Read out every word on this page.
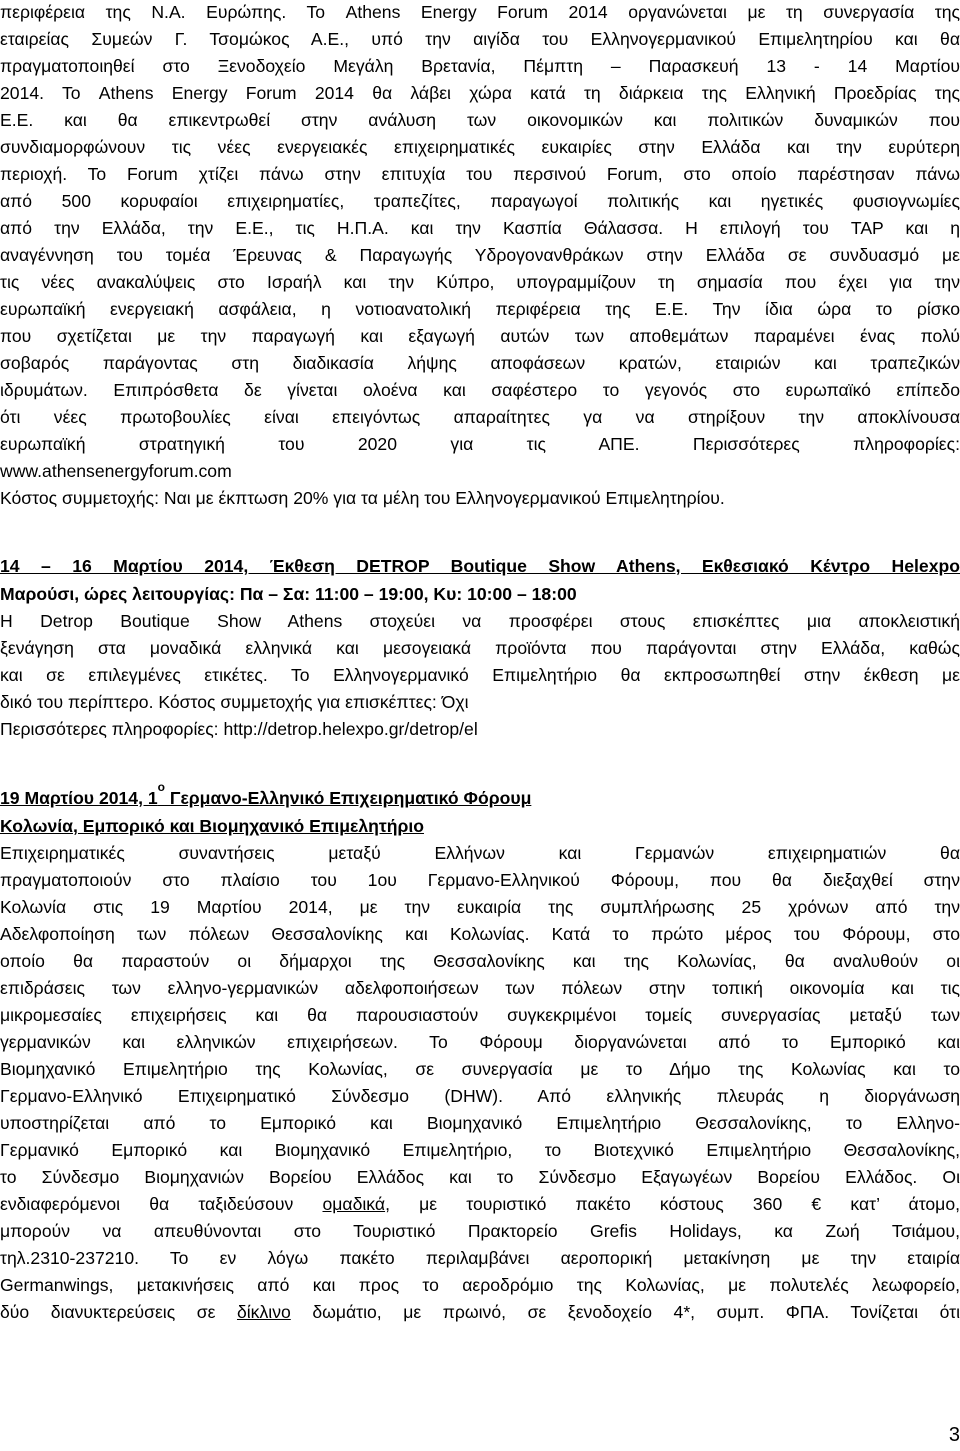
περιφέρεια της Ν.Α. Ευρώπης. Το Athens Energy Forum 2014 οργανώνεται με τη συνεργασία της
εταιρείας Συμεών Γ. Τσομώκος Α.Ε., υπό την αιγίδα του Ελληνογερμανικού Επιμελητηρίου και θα
πραγματοποιηθεί στο Ξενοδοχείο Μεγάλη Βρετανία, Πέμπτη – Παρασκευή 13 - 14 Μαρτίου
2014. Το Athens Energy Forum 2014 θα λάβει χώρα κατά τη διάρκεια της Ελληνική Προεδρίας της
Ε.Ε. και θα επικεντρωθεί στην ανάλυση των οικονομικών και πολιτικών δυναμικών που
συνδιαμορφώνουν τις νέες ενεργειακές επιχειρηματικές ευκαιρίες στην Ελλάδα και την ευρύτερη
περιοχή. Το Forum χτίζει πάνω στην επιτυχία του περσινού Forum, στο οποίο παρέστησαν πάνω
από 500 κορυφαίοι επιχειρηματίες, τραπεζίτες, παραγωγοί πολιτικής και ηγετικές φυσιογνωμίες
από την Ελλάδα, την Ε.Ε., τις Η.Π.Α. και την Κασπία Θάλασσα. Η επιλογή του TAP και η
αναγέννηση του τομέα Έρευνας & Παραγωγής Υδρογονανθράκων στην Ελλάδα σε συνδυασμό με
τις νέες ανακαλύψεις στο Ισραήλ και την Κύπρο, υπογραμμίζουν τη σημασία που έχει για την
ευρωπαϊκή ενεργειακή ασφάλεια, η νοτιοανατολική περιφέρεια της Ε.Ε. Την ίδια ώρα το ρίσκο
που σχετίζεται με την παραγωγή και εξαγωγή αυτών των αποθεμάτων παραμένει ένας πολύ
σοβαρός παράγοντας στη διαδικασία λήψης αποφάσεων κρατών, εταιριών και τραπεζικών
ιδρυμάτων. Επιπρόσθετα δε γίνεται ολοένα και σαφέστερο το γεγονός στο ευρωπαϊκό επίπεδο
ότι νέες πρωτοβουλίες είναι επειγόντως απαραίτητες γα να στηρίξουν την αποκλίνουσα
ευρωπαϊκή στρατηγική του 2020 για τις ΑΠΕ. Περισσότερες πληροφορίες:
www.athensenergyforum.com
Κόστος συμμετοχής: Ναι με έκπτωση 20% για τα μέλη του Ελληνογερμανικού Επιμελητηρίου.
14 – 16 Μαρτίου 2014, Έκθεση DETROP Boutique Show Athens, Εκθεσιακό Κέντρο Helexpo
Μαρούσι, ώρες λειτουργίας: Πα – Σα: 11:00 – 19:00, Κυ: 10:00 – 18:00
Η Detrop Boutique Show Athens στοχεύει να προσφέρει στους επισκέπτες μια αποκλειστική
ξενάγηση στα μοναδικά ελληνικά και μεσογειακά προϊόντα που παράγονται στην Ελλάδα, καθώς
και σε επιλεγμένες ετικέτες. Το Ελληνογερμανικό Επιμελητήριο θα εκπροσωπηθεί στην έκθεση με
δικό του περίπτερο. Κόστος συμμετοχής για επισκέπτες: Όχι
Περισσότερες πληροφορίες: http://detrop.helexpo.gr/detrop/el
19 Μαρτίου 2014, $1^o$ Γερμανο-Ελληνικό Επιχειρηματικό Φόρουμ
Κολωνία, Εμπορικό και Βιομηχανικό Επιμελητήριο
Επιχειρηματικές συναντήσεις μεταξύ Ελλήνων και Γερμανών επιχειρηματιών θα
πραγματοποιούν στο πλαίσιο του 1ου Γερμανο-Ελληνικού Φόρουμ, που θα διεξαχθεί στην
Κολωνία στις 19 Μαρτίου 2014, με την ευκαιρία της συμπλήρωσης 25 χρόνων από την
Αδελφοποίηση των πόλεων Θεσσαλονίκης και Κολωνίας. Κατά το πρώτο μέρος του Φόρουμ, στο
οποίο θα παραστούν οι δήμαρχοι της Θεσσαλονίκης και της Κολωνίας, θα αναλυθούν οι
επιδράσεις των ελληνο-γερμανικών αδελφοποιήσεων των πόλεων στην τοπική οικονομία και τις
μικρομεσαίες επιχειρήσεις και θα παρουσιαστούν συγκεκριμένοι τομείς συνεργασίας μεταξύ των
γερμανικών και ελληνικών επιχειρήσεων. Το Φόρουμ διοργανώνεται από το Εμπορικό και
Βιομηχανικό Επιμελητήριο της Κολωνίας, σε συνεργασία με το Δήμο της Κολωνίας και το
Γερμανο-Ελληνικό Επιχειρηματικό Σύνδεσμο (DHW). Από ελληνικής πλευράς η διοργάνωση
υποστηρίζεται από το Εμπορικό και Βιομηχανικό Επιμελητήριο Θεσσαλονίκης, το Ελληνο-
Γερμανικό Εμπορικό και Βιομηχανικό Επιμελητήριο, το Βιοτεχνικό Επιμελητήριο Θεσσαλονίκης,
το Σύνδεσμο Βιομηχανιών Βορείου Ελλάδος και το Σύνδεσμο Εξαγωγέων Βορείου Ελλάδος. Οι
ενδιαφερόμενοι θα ταξιδεύσουν ομαδικά, με τουριστικό πακέτο κόστους 360 € κατ’ άτομο,
μπορούν να απευθύνονται στο Τουριστικό Πρακτορείο Grefis Holidays, κα Ζωή Τσιάμου,
τηλ.2310-237210. Το εν λόγω πακέτο περιλαμβάνει αεροπορική μετακίνηση με την εταιρία
Germanwings, μετακινήσεις από και προς το αεροδρόμιο της Κολωνίας, με πολυτελές λεωφορείο,
δύο διανυκτερεύσεις σε δίκλινο δωμάτιο, με πρωινό, σε ξενοδοχείο 4*, συμπ. ΦΠΑ. Τονίζεται ότι
3
